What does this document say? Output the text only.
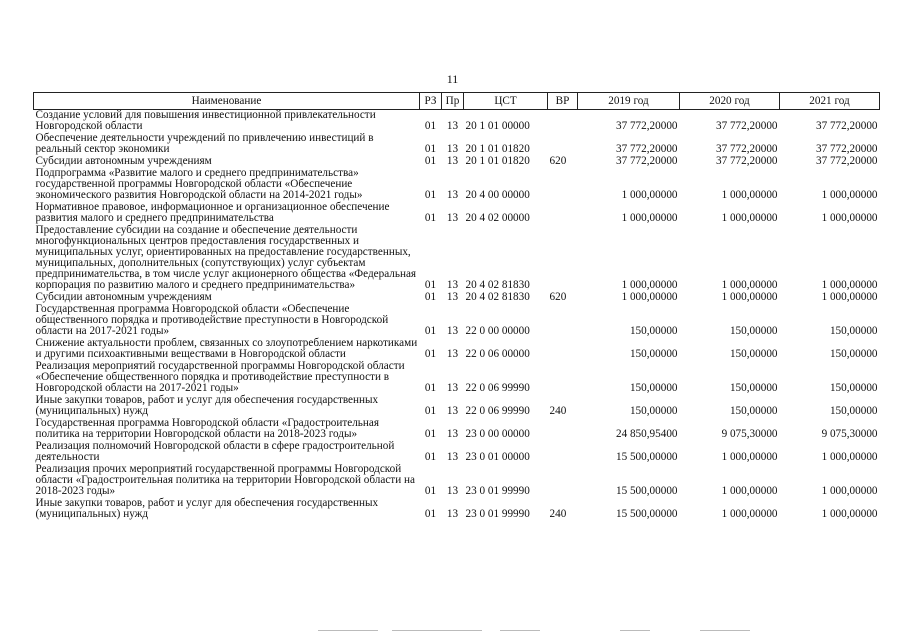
11
Наименование	РЗ	Пр	ЦСТ	ВР	2019 год	2020 год	2021 год
Создание условий для повышения инвестиционной привлекательности Новгородской области	01	13	20 1 01 00000		37 772,20000	37 772,20000	37 772,20000
Обеспечение деятельности учреждений по привлечению инвестиций в реальный сектор экономики	01	13	20 1 01 01820		37 772,20000	37 772,20000	37 772,20000
Субсидии автономным учреждениям	01	13	20 1 01 01820	620	37 772,20000	37 772,20000	37 772,20000
Подпрограмма «Развитие малого и среднего предпринимательства» государственной программы Новгородской области «Обеспечение экономического развития Новгородской области на 2014-2021 годы»	01	13	20 4 00 00000		1 000,00000	1 000,00000	1 000,00000
Нормативное правовое, информационное и организационное обеспечение развития малого и среднего предпринимательства	01	13	20 4 02 00000		1 000,00000	1 000,00000	1 000,00000
Предоставление субсидии на создание и обеспечение деятельности многофункциональных центров предоставления государственных и муниципальных услуг, ориентированных на предоставление государственных, муниципальных, дополнительных (сопутствующих) услуг субъектам предпринимательства, в том числе услуг акционерного общества «Федеральная корпорация по развитию малого и среднего предпринимательства»	01	13	20 4 02 81830		1 000,00000	1 000,00000	1 000,00000
Субсидии автономным учреждениям	01	13	20 4 02 81830	620	1 000,00000	1 000,00000	1 000,00000
Государственная программа Новгородской области «Обеспечение общественного порядка и противодействие преступности в Новгородской области на 2017-2021 годы»	01	13	22 0 00 00000		150,00000	150,00000	150,00000
Снижение актуальности проблем, связанных со злоупотреблением наркотиками и другими психоактивными веществами в Новгородской области	01	13	22 0 06 00000		150,00000	150,00000	150,00000
Реализация мероприятий государственной программы Новгородской области «Обеспечение общественного порядка и противодействие преступности в Новгородской области на 2017-2021 годы»	01	13	22 0 06 99990		150,00000	150,00000	150,00000
Иные закупки товаров, работ и услуг для обеспечения государственных (муниципальных) нужд	01	13	22 0 06 99990	240	150,00000	150,00000	150,00000
Государственная программа Новгородской области «Градостроительная политика на территории Новгородской области на 2018-2023 годы»	01	13	23 0 00 00000		24 850,95400	9 075,30000	9 075,30000
Реализация полномочий Новгородской области в сфере градостроительной деятельности	01	13	23 0 01 00000		15 500,00000	1 000,00000	1 000,00000
Реализация прочих мероприятий государственной программы Новгородской области «Градостроительная политика на территории Новгородской области на 2018-2023 годы»	01	13	23 0 01 99990		15 500,00000	1 000,00000	1 000,00000
Иные закупки товаров, работ и услуг для обеспечения государственных (муниципальных) нужд	01	13	23 0 01 99990	240	15 500,00000	1 000,00000	1 000,00000
